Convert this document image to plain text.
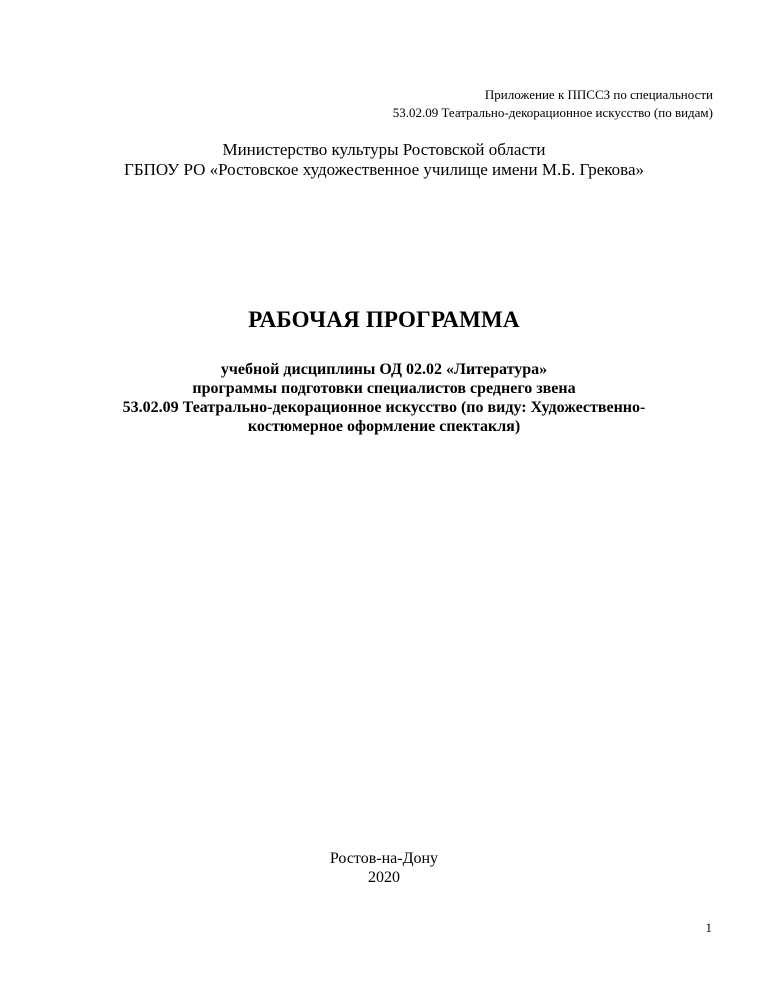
Приложение к ППССЗ по специальности
53.02.09 Театрально-декорационное искусство (по видам)
Министерство культуры Ростовской области
ГБПОУ РО «Ростовское художественное училище имени М.Б. Грекова»
РАБОЧАЯ ПРОГРАММА
учебной дисциплины ОД 02.02 «Литература»
программы подготовки специалистов среднего звена
53.02.09 Театрально-декорационное искусство (по виду: Художественно-
костюмерное оформление спектакля)
Ростов-на-Дону
2020
1
